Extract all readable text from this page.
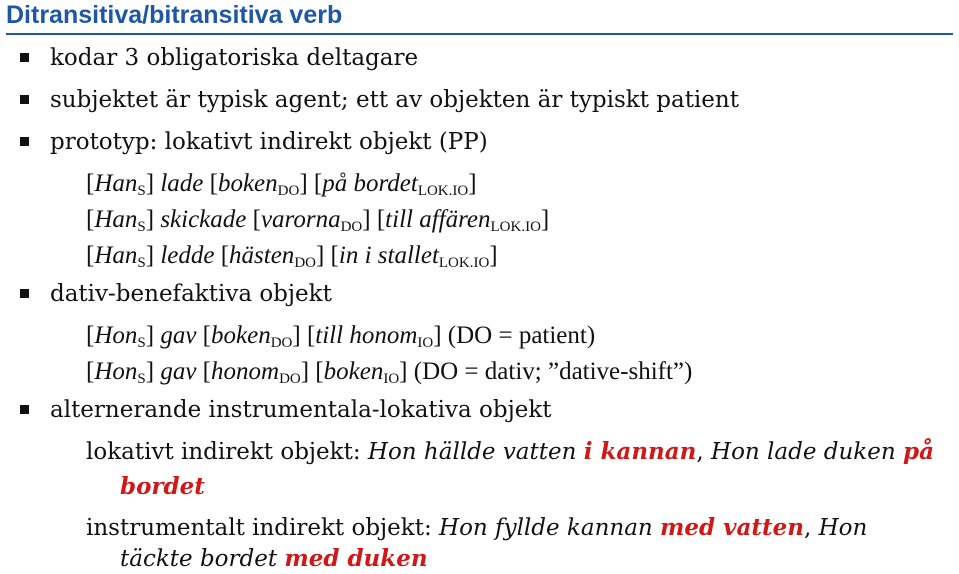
Ditransitiva/bitransitiva verb
kodar 3 obligatoriska deltagare
subjektet är typisk agent; ett av objekten är typiskt patient
prototyp: lokativt indirekt objekt (PP)
[Han$_S$] lade [boken$_{DO}$] [på bordet$_{LOK.IO}$]
[Han$_S$] skickade [varorna$_{DO}$] [till affären$_{LOK.IO}$]
[Han$_S$] ledde [hästen$_{DO}$] [in i stallet$_{LOK.IO}$]
dativ-benefaktiva objekt
[Hon$_S$] gav [boken$_{DO}$] [till honom$_{IO}$] (DO = patient)
[Hon$_S$] gav [honom$_{DO}$] [boken$_{IO}$] (DO = dativ; ”dative-shift”)
alternerande instrumentala-lokativa objekt
lokativt indirekt objekt: Hon hällde vatten i kannan, Hon lade duken på
bordet
instrumentalt indirekt objekt: Hon fyllde kannan med vatten, Hon
täckte bordet med duken
